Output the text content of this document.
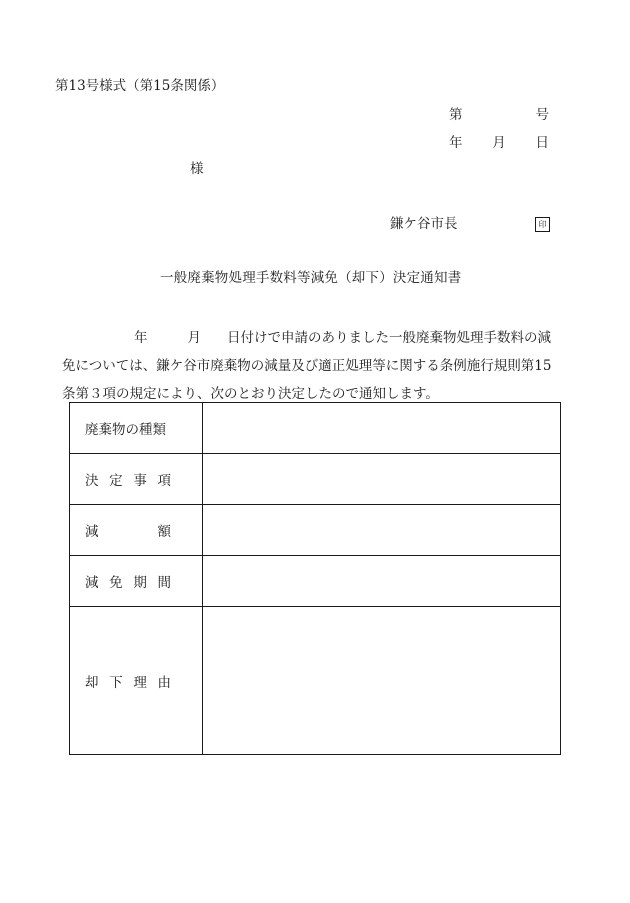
第13号様式（第15条関係）
第	号
年 月 日
様
鎌ケ谷市長	印
一般廃棄物処理手数料等減免（却下）決定通知書
年	月 日付けで申請のありました一般廃棄物処理手数料の減
免については、鎌ケ谷市廃棄物の減量及び適正処理等に関する条例施行規則第15
条第３項の規定により、次のとおり決定したので通知します。
廃棄物の種類	

決 定 事 項	

減 額	

減 免 期 間	

却 下 理 由	
